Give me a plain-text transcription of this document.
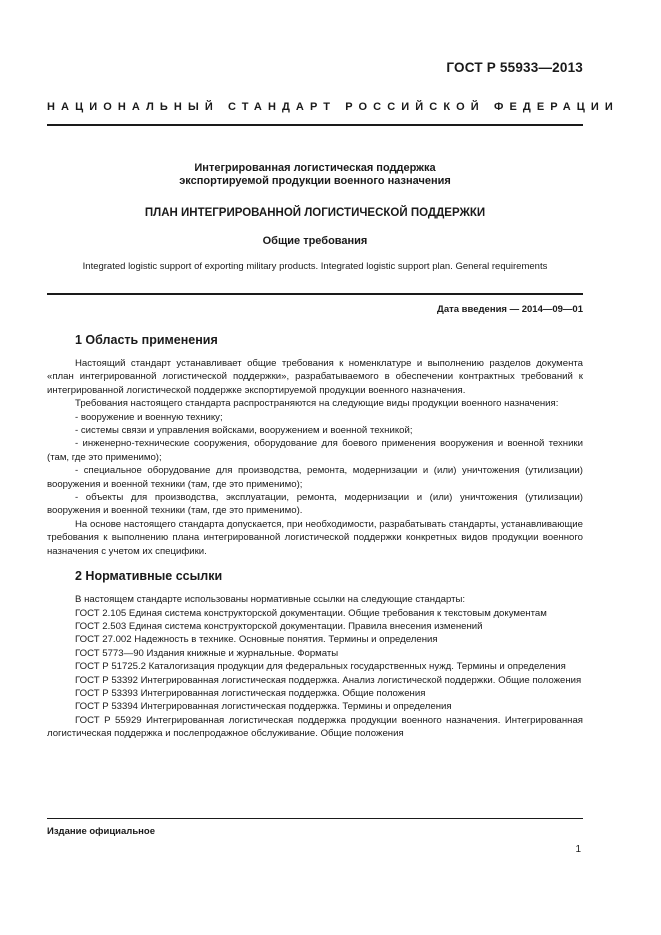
ГОСТ Р 55933—2013
НАЦИОНАЛЬНЫЙ СТАНДАРТ РОССИЙСКОЙ ФЕДЕРАЦИИ
Интегрированная логистическая поддержка
экспортируемой продукции военного назначения
ПЛАН ИНТЕГРИРОВАННОЙ ЛОГИСТИЧЕСКОЙ ПОДДЕРЖКИ
Общие требования
Integrated logistic support of exporting military products. Integrated logistic support plan. General requirements
Дата введения — 2014—09—01
1 Область применения

Настоящий стандарт устанавливает общие требования к номенклатуре и выполнению разделов документа «план интегрированной логистической поддержки», разрабатываемого в обеспечении контрактных требований к интегрированной логистической поддержке экспортируемой продукции военного назначения.

Требования настоящего стандарта распространяются на следующие виды продукции военного назначения:

- вооружение и военную технику;

- системы связи и управления войсками, вооружением и военной техникой;

- инженерно-технические сооружения, оборудование для боевого применения вооружения и военной техники (там, где это применимо);

- специальное оборудование для производства, ремонта, модернизации и (или) уничтожения (утилизации) вооружения и военной техники (там, где это применимо);

- объекты для производства, эксплуатации, ремонта, модернизации и (или) уничтожения (утилизации) вооружения и военной техники (там, где это применимо).

На основе настоящего стандарта допускается, при необходимости, разрабатывать стандарты, устанавливающие требования к выполнению плана интегрированной логистической поддержки конкретных видов продукции военного назначения с учетом их специфики.

2 Нормативные ссылки

В настоящем стандарте использованы нормативные ссылки на следующие стандарты:

ГОСТ 2.105 Единая система конструкторской документации. Общие требования к текстовым документам

ГОСТ 2.503 Единая система конструкторской документации. Правила внесения изменений

ГОСТ 27.002 Надежность в технике. Основные понятия. Термины и определения

ГОСТ 5773—90 Издания книжные и журнальные. Форматы

ГОСТ Р 51725.2 Каталогизация продукции для федеральных государственных нужд. Термины и определения

ГОСТ Р 53392 Интегрированная логистическая поддержка. Анализ логистической поддержки. Общие положения

ГОСТ Р 53393 Интегрированная логистическая поддержка. Общие положения

ГОСТ Р 53394 Интегрированная логистическая поддержка. Термины и определения

ГОСТ Р 55929 Интегрированная логистическая поддержка продукции военного назначения. Интегрированная логистическая поддержка и послепродажное обслуживание. Общие положения

Издание официальное
1
